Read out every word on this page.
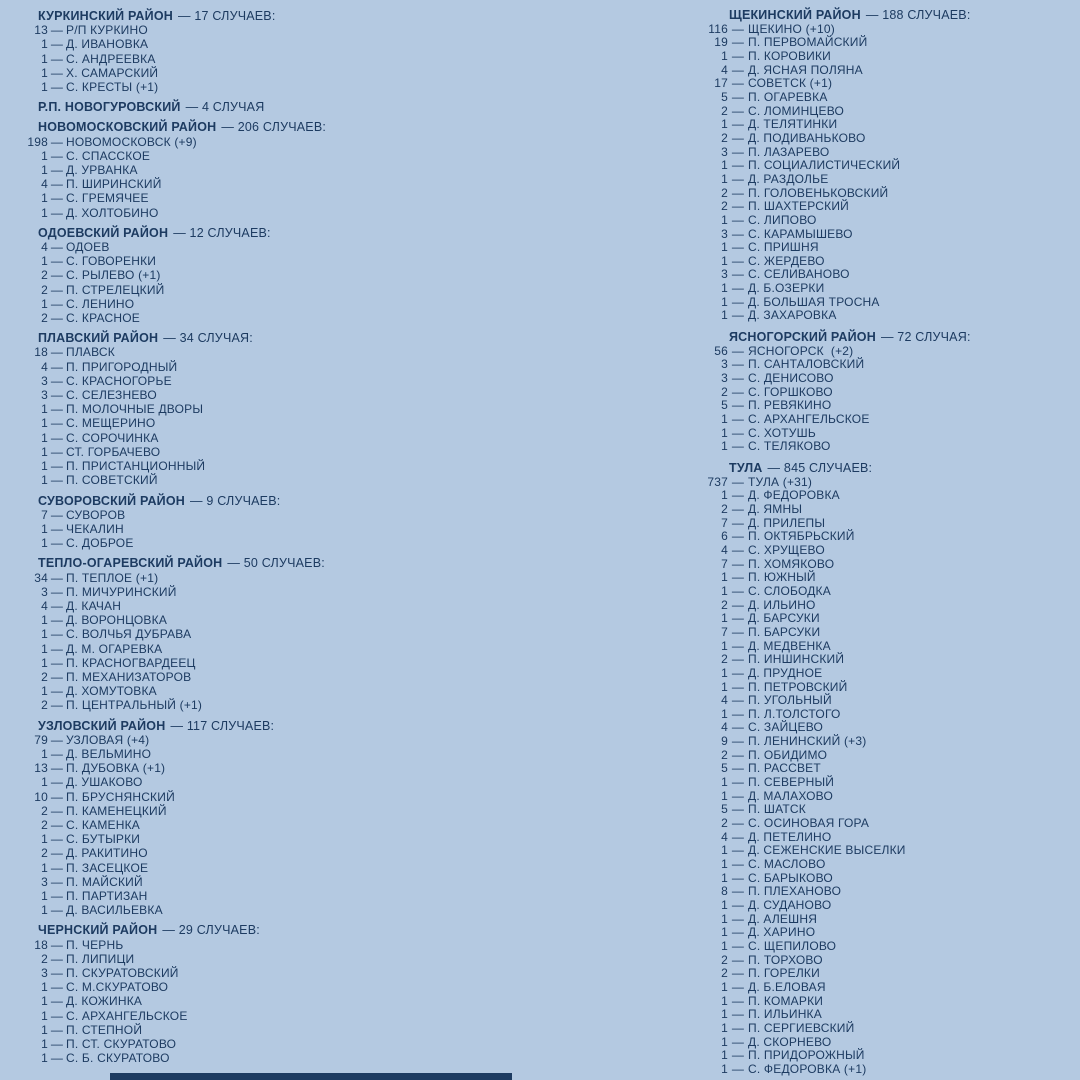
КУРКИНСКИЙ РАЙОН — 17 СЛУЧАЕВ:
13 — Р/П КУРКИНО
1 — Д. ИВАНОВКА
1 — С. АНДРЕЕВКА
1 — Х. САМАРСКИЙ
1 — С. КРЕСТЫ (+1)
Р.П. НОВОГУРОВСКИЙ — 4 СЛУЧАЯ
НОВОМОСКОВСКИЙ РАЙОН — 206 СЛУЧАЕВ:
198 — НОВОМОСКОВСК (+9)
1 — С. СПАССКОЕ
1 — Д. УРВАНКА
4 — П. ШИРИНСКИЙ
1 — С. ГРЕМЯЧЕЕ
1 — Д. ХОЛТОБИНО
ОДОЕВСКИЙ РАЙОН — 12 СЛУЧАЕВ:
4 — ОДОЕВ
1 — С. ГОВОРЕНКИ
2 — С. РЫЛЕВО (+1)
2 — П. СТРЕЛЕЦКИЙ
1 — С. ЛЕНИНО
2 — С. КРАСНОЕ
ПЛАВСКИЙ РАЙОН — 34 СЛУЧАЯ:
18 — ПЛАВСК
4 — П. ПРИГОРОДНЫЙ
3 — С. КРАСНОГОРЬЕ
3 — С. СЕЛЕЗНЕВО
1 — П. МОЛОЧНЫЕ ДВОРЫ
1 — С. МЕЩЕРИНО
1 — С. СОРОЧИНКА
1 — СТ. ГОРБАЧЕВО
1 — П. ПРИСТАНЦИОННЫЙ
1 — П. СОВЕТСКИЙ
СУВОРОВСКИЙ РАЙОН — 9 СЛУЧАЕВ:
7 — СУВОРОВ
1 — ЧЕКАЛИН
1 — С. ДОБРОЕ
ТЕПЛО-ОГАРЕВСКИЙ РАЙОН — 50 СЛУЧАЕВ:
34 — П. ТЕПЛОЕ (+1)
3 — П. МИЧУРИНСКИЙ
4 — Д. КАЧАН
1 — Д. ВОРОНЦОВКА
1 — С. ВОЛЧЬЯ ДУБРАВА
1 — Д. М. ОГАРЕВКА
1 — П. КРАСНОГВАРДЕЕЦ
2 — П. МЕХАНИЗАТОРОВ
1 — Д. ХОМУТОВКА
2 — П. ЦЕНТРАЛЬНЫЙ (+1)
УЗЛОВСКИЙ РАЙОН — 117 СЛУЧАЕВ:
79 — УЗЛОВАЯ (+4)
1 — Д. ВЕЛЬМИНО
13 — П. ДУБОВКА (+1)
1 — Д. УШАКОВО
10 — П. БРУСНЯНСКИЙ
2 — П. КАМЕНЕЦКИЙ
2 — С. КАМЕНКА
1 — С. БУТЫРКИ
2 — Д. РАКИТИНО
1 — П. ЗАСЕЦКОЕ
3 — П. МАЙСКИЙ
1 — П. ПАРТИЗАН
1 — Д. ВАСИЛЬЕВКА
ЧЕРНСКИЙ РАЙОН — 29 СЛУЧАЕВ:
18 — П. ЧЕРНЬ
2 — П. ЛИПИЦИ
3 — П. СКУРАТОВСКИЙ
1 — С. М.СКУРАТОВО
1 — Д. КОЖИНКА
1 — С. АРХАНГЕЛЬСКОЕ
1 — П. СТЕПНОЙ
1 — П. СТ. СКУРАТОВО
1 — С. Б. СКУРАТОВО
ЩЕКИНСКИЙ РАЙОН — 188 СЛУЧАЕВ:
116 — ЩЕКИНО (+10)
19 — П. ПЕРВОМАЙСКИЙ
1 — П. КОРОВИКИ
4 — Д. ЯСНАЯ ПОЛЯНА
17 — СОВЕТСК (+1)
5 — П. ОГАРЕВКА
2 — С. ЛОМИНЦЕВО
1 — Д. ТЕЛЯТИНКИ
2 — Д. ПОДИВАНЬКОВО
3 — П. ЛАЗАРЕВО
1 — П. СОЦИАЛИСТИЧЕСКИЙ
1 — Д. РАЗДОЛЬЕ
2 — П. ГОЛОВЕНЬКОВСКИЙ
2 — П. ШАХТЕРСКИЙ
1 — С. ЛИПОВО
3 — С. КАРАМЫШЕВО
1 — С. ПРИШНЯ
1 — С. ЖЕРДЕВО
3 — С. СЕЛИВАНОВО
1 — Д. Б.ОЗЕРКИ
1 — Д. БОЛЬШАЯ ТРОСНА
1 — Д. ЗАХАРОВКА
ЯСНОГОРСКИЙ РАЙОН — 72 СЛУЧАЯ:
56 — ЯСНОГОРСК  (+2)
3 — П. САНТАЛОВСКИЙ
3 — С. ДЕНИСОВО
2 — С. ГОРШКОВО
5 — П. РЕВЯКИНО
1 — С. АРХАНГЕЛЬСКОЕ
1 — С. ХОТУШЬ
1 — С. ТЕЛЯКОВО
ТУЛА — 845 СЛУЧАЕВ:
737 — ТУЛА (+31)
1 — Д. ФЕДОРОВКА
2 — Д. ЯМНЫ
7 — Д. ПРИЛЕПЫ
6 — П. ОКТЯБРЬСКИЙ
4 — С. ХРУЩЕВО
7 — П. ХОМЯКОВО
1 — П. ЮЖНЫЙ
1 — С. СЛОБОДКА
2 — Д. ИЛЬИНО
1 — Д. БАРСУКИ
7 — П. БАРСУКИ
1 — Д. МЕДВЕНКА
2 — П. ИНШИНСКИЙ
1 — Д. ПРУДНОЕ
1 — П. ПЕТРОВСКИЙ
4 — П. УГОЛЬНЫЙ
1 — П. Л.ТОЛСТОГО
4 — С. ЗАЙЦЕВО
9 — П. ЛЕНИНСКИЙ (+3)
2 — П. ОБИДИМО
5 — П. РАССВЕТ
1 — П. СЕВЕРНЫЙ
1 — Д. МАЛАХОВО
5 — П. ШАТСК
2 — С. ОСИНОВАЯ ГОРА
4 — Д. ПЕТЕЛИНО
1 — Д. СЕЖЕНСКИЕ ВЫСЕЛКИ
1 — С. МАСЛОВО
1 — С. БАРЫКОВО
8 — П. ПЛЕХАНОВО
1 — Д. СУДАНОВО
1 — Д. АЛЕШНЯ
1 — Д. ХАРИНО
1 — С. ЩЕПИЛОВО
2 — П. ТОРХОВО
2 — П. ГОРЕЛКИ
1 — Д. Б.ЕЛОВАЯ
1 — П. КОМАРКИ
1 — П. ИЛЬИНКА
1 — П. СЕРГИЕВСКИЙ
1 — Д. СКОРНЕВО
1 — П. ПРИДОРОЖНЫЙ
1 — С. ФЕДОРОВКА (+1)
